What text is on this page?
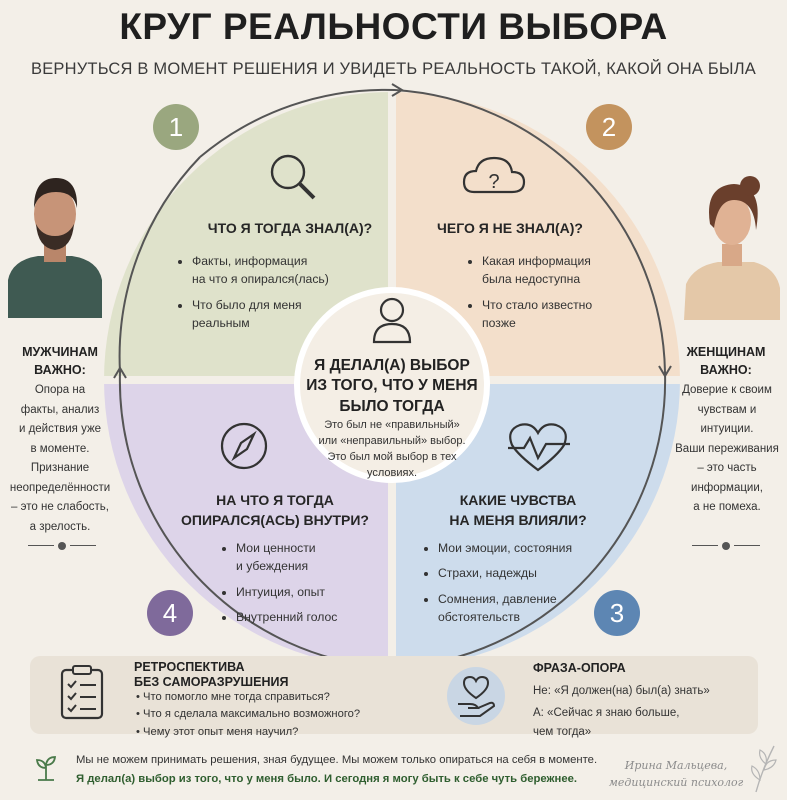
КРУГ РЕАЛЬНОСТИ ВЫБОРА
ВЕРНУТЬСЯ В МОМЕНТ РЕШЕНИЯ И УВИДЕТЬ РЕАЛЬНОСТЬ ТАКОЙ, КАКОЙ ОНА БЫЛА
?
1	2
3
4
ЧТО Я ТОГДА ЗНАЛ(А)?
• Факты, информация
на что я опирался(лась)
• Что было для меня
реальным
ЧЕГО Я НЕ ЗНАЛ(А)?
• Какая информация
была недоступна
• Что стало известно
позже
Я ДЕЛАЛ(А) ВЫБОР
ИЗ ТОГО, ЧТО У МЕНЯ
БЫЛО ТОГДА
Это был не «правильный»
или «неправильный» выбор.
Это был мой выбор в тех
условиях.
НА ЧТО Я ТОГДА
ОПИРАЛСЯ(АСЬ) ВНУТРИ?
• Мои ценности
и убеждения
• Интуиция, опыт
• Внутренний голос
КАКИЕ ЧУВСТВА
НА МЕНЯ ВЛИЯЛИ?
• Мои эмоции, состояния
• Страхи, надежды
• Сомнения, давление
обстоятельств
МУЖЧИНАМ
ВАЖНО:
Опора на
факты, анализ
и действия уже
в моменте.
Признание
неопределённости
– это не слабость,
а зрелость.
ЖЕНЩИНАМ
ВАЖНО:
Доверие к своим
чувствам и
интуиции.
Ваши переживания
– это часть
информации,
а не помеха.
РЕТРОСПЕКТИВА
БЕЗ САМОРАЗРУШЕНИЯ
• Что помогло мне тогда справиться?
• Что я сделала максимально возможного?
• Чему этот опыт меня научил?
ФРАЗА-ОПОРА
Не: «Я должен(на) был(а) знать»
А: «Сейчас я знаю больше,
чем тогда»
Мы не можем принимать решения, зная будущее. Мы можем только опираться на себя в моменте.
Я делал(а) выбор из того, что у меня было. И сегодня я могу быть к себе чуть бережнее.
Ирина Мальцева,
медицинский психолог
